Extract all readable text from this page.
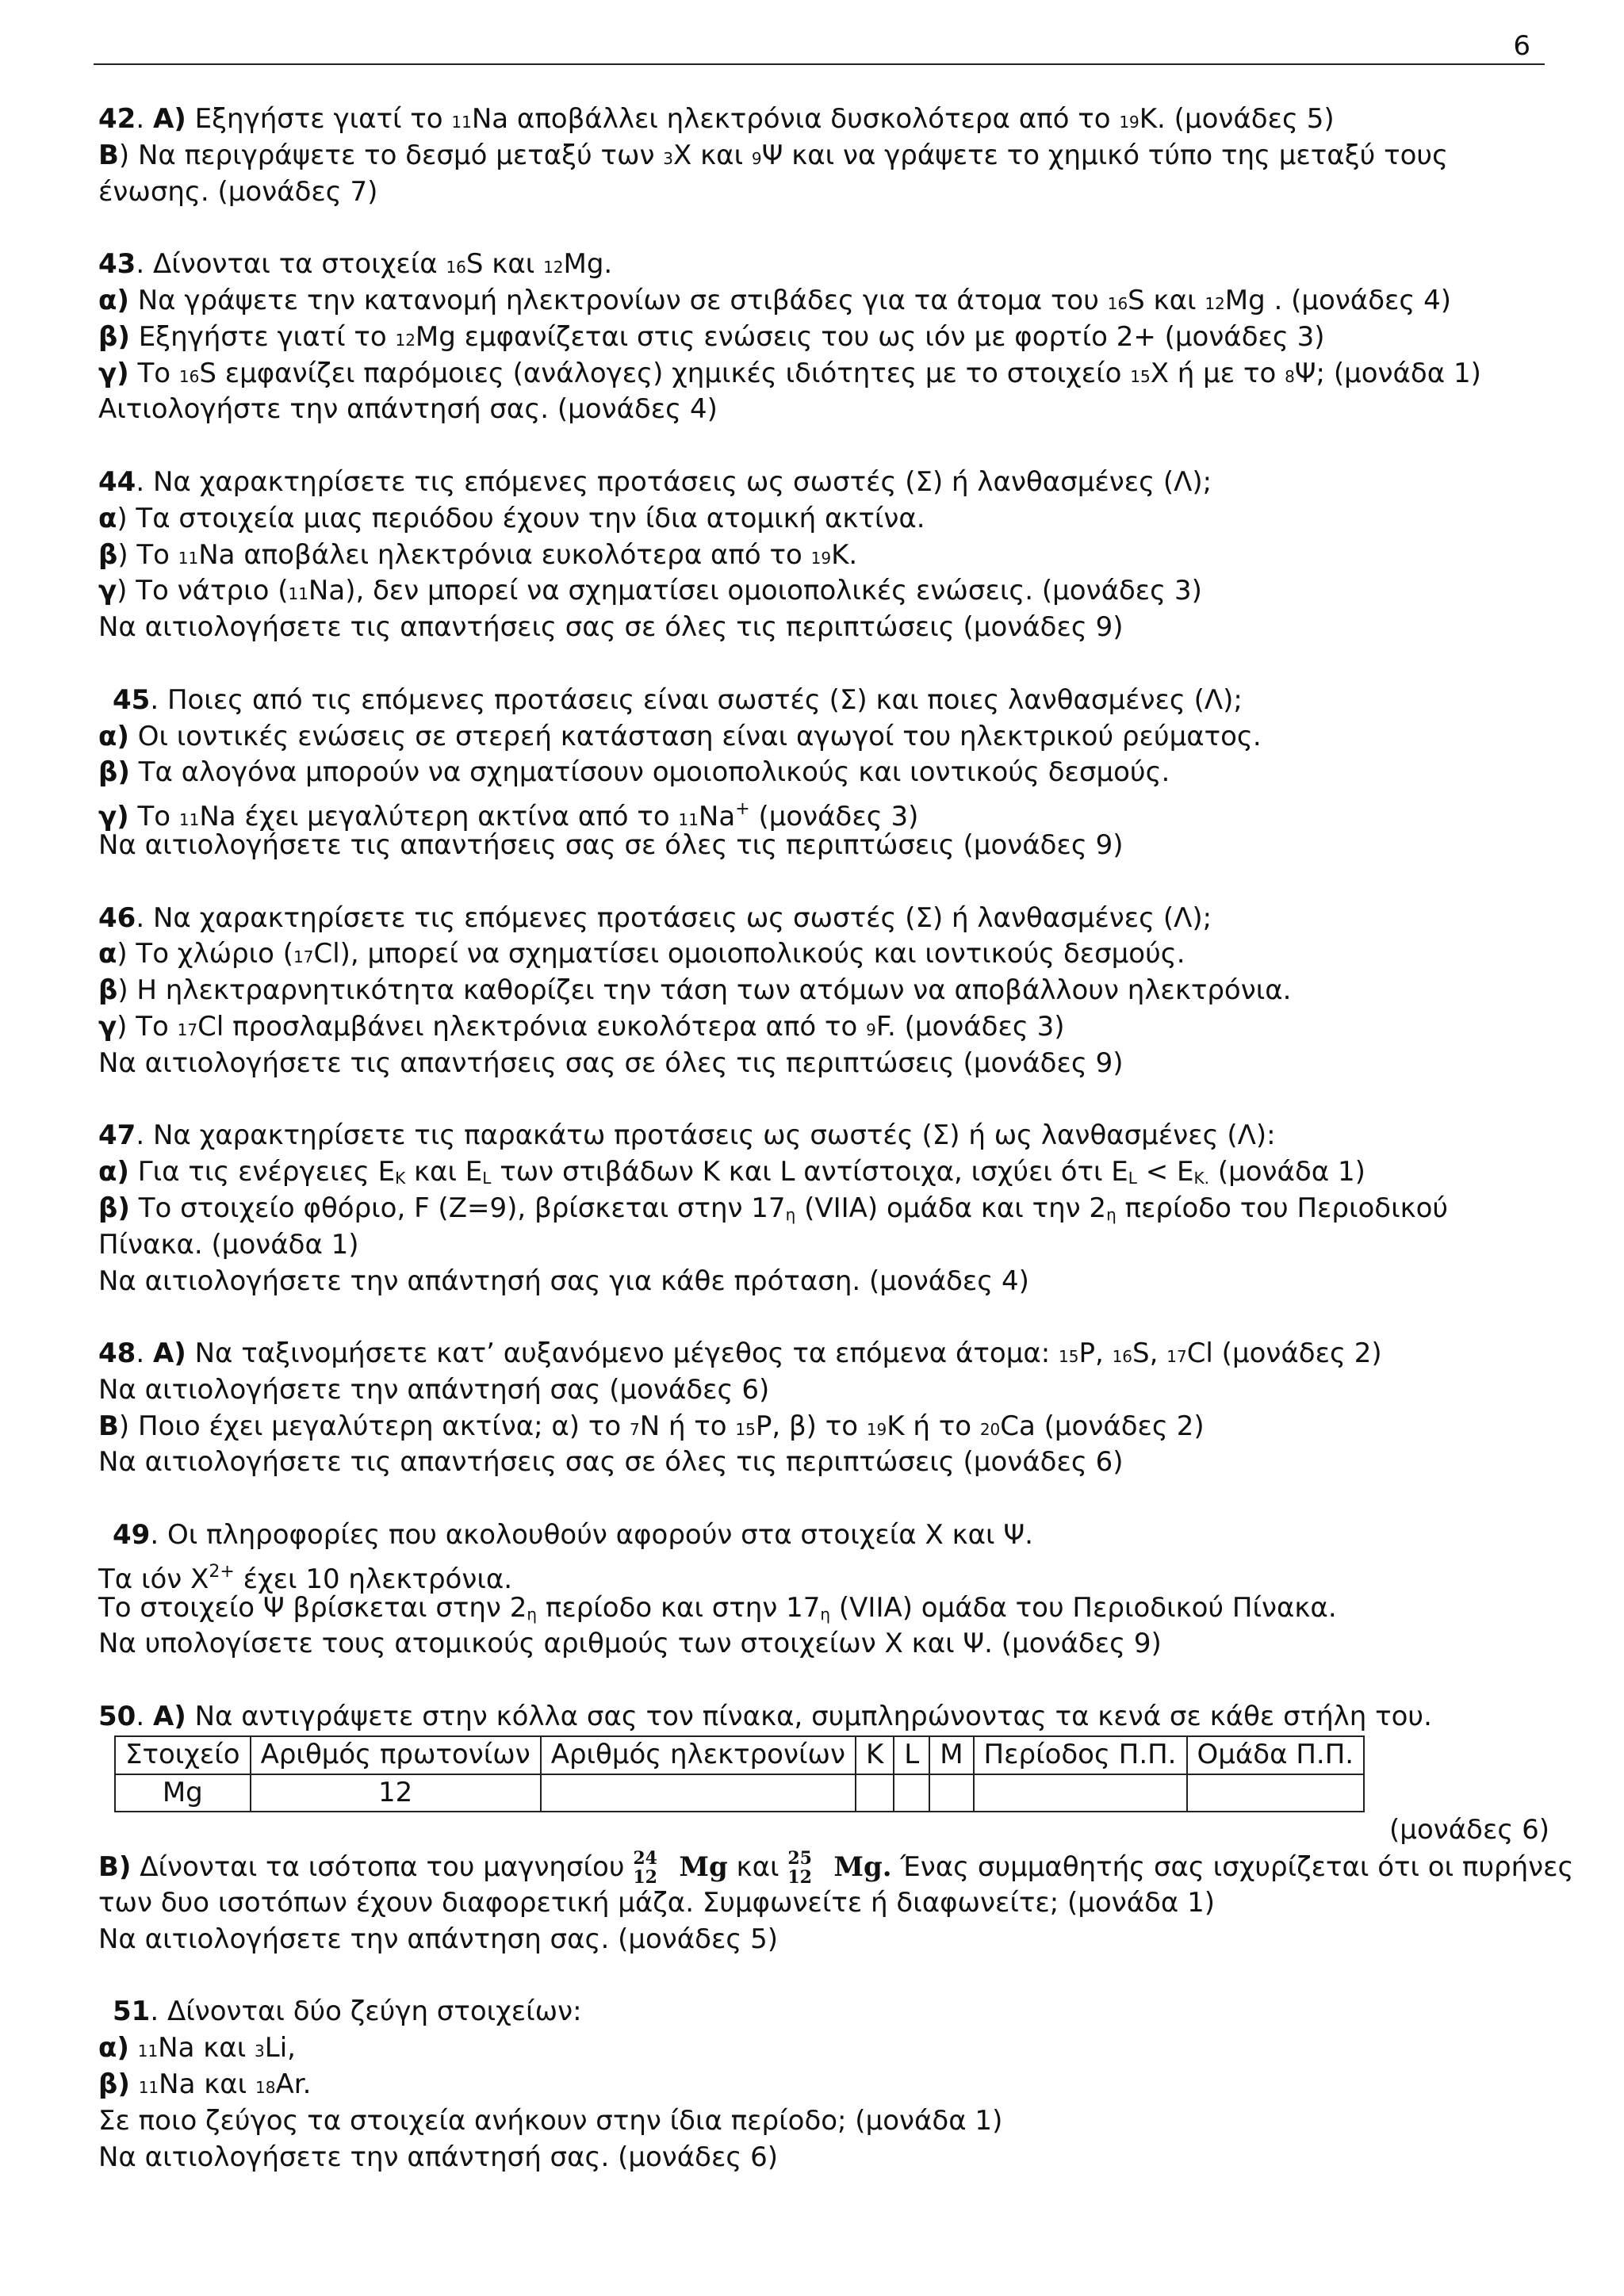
6
42. A) Εξηγήστε γιατί το 11Na αποβάλλει ηλεκτρόνια δυσκολότερα από το 19K. (μονάδες 5)
B) Να περιγράψετε το δεσμό μεταξύ των 3X και 9Ψ και να γράψετε το χημικό τύπο της μεταξύ τους
ένωσης. (μονάδες 7)
43. Δίνονται τα στοιχεία 16S και 12Mg.
α) Να γράψετε την κατανομή ηλεκτρονίων σε στιβάδες για τα άτομα του 16S και 12Mg . (μονάδες 4)
β) Εξηγήστε γιατί το 12Mg εμφανίζεται στις ενώσεις του ως ιόν με φορτίο 2+ (μονάδες 3)
γ) Το 16S εμφανίζει παρόμοιες (ανάλογες) χημικές ιδιότητες με το στοιχείο 15X ή με το 8Ψ; (μονάδα 1)
Αιτιολογήστε την απάντησή σας. (μονάδες 4)
44. Να χαρακτηρίσετε τις επόμενες προτάσεις ως σωστές (Σ) ή λανθασμένες (Λ);
α) Τα στοιχεία μιας περιόδου έχουν την ίδια ατομική ακτίνα.
β) Το 11Na αποβάλει ηλεκτρόνια ευκολότερα από το 19K.
γ) Το νάτριο (11Na), δεν μπορεί να σχηματίσει ομοιοπολικές ενώσεις. (μονάδες 3)
Να αιτιολογήσετε τις απαντήσεις σας σε όλες τις περιπτώσεις (μονάδες 9)
45. Ποιες από τις επόμενες προτάσεις είναι σωστές (Σ) και ποιες λανθασμένες (Λ);
α) Οι ιοντικές ενώσεις σε στερεή κατάσταση είναι αγωγοί του ηλεκτρικού ρεύματος.
β) Τα αλογόνα μπορούν να σχηματίσουν ομοιοπολικούς και ιοντικούς δεσμούς.
γ) Το 11Na έχει μεγαλύτερη ακτίνα από το 11Na+ (μονάδες 3)
Να αιτιολογήσετε τις απαντήσεις σας σε όλες τις περιπτώσεις (μονάδες 9)
46. Να χαρακτηρίσετε τις επόμενες προτάσεις ως σωστές (Σ) ή λανθασμένες (Λ);
α) Το χλώριο (17Cl), μπορεί να σχηματίσει ομοιοπολικούς και ιοντικούς δεσμούς.
β) Η ηλεκτραρνητικότητα καθορίζει την τάση των ατόμων να αποβάλλουν ηλεκτρόνια.
γ) Το 17Cl προσλαμβάνει ηλεκτρόνια ευκολότερα από το 9F. (μονάδες 3)
Να αιτιολογήσετε τις απαντήσεις σας σε όλες τις περιπτώσεις (μονάδες 9)
47. Να χαρακτηρίσετε τις παρακάτω προτάσεις ως σωστές (Σ) ή ως λανθασμένες (Λ):
α) Για τις ενέργειες EK και EL των στιβάδων K και L αντίστοιχα, ισχύει ότι EL < EK. (μονάδα 1)
β) Το στοιχείο φθόριο, F (Z=9), βρίσκεται στην 17η (VIIA) ομάδα και την 2η περίοδο του Περιοδικού
Πίνακα. (μονάδα 1)
Να αιτιολογήσετε την απάντησή σας για κάθε πρόταση. (μονάδες 4)
48. A) Να ταξινομήσετε κατ’ αυξανόμενο μέγεθος τα επόμενα άτομα: 15P, 16S, 17Cl (μονάδες 2)
Να αιτιολογήσετε την απάντησή σας (μονάδες 6)
B) Ποιο έχει μεγαλύτερη ακτίνα; α) το 7N ή το 15P, β) το 19K ή το 20Ca (μονάδες 2)
Να αιτιολογήσετε τις απαντήσεις σας σε όλες τις περιπτώσεις (μονάδες 6)
49. Οι πληροφορίες που ακολουθούν αφορούν στα στοιχεία X και Ψ.
Τα ιόν $X^{2+}$ έχει 10 ηλεκτρόνια.
Το στοιχείο Ψ βρίσκεται στην 2η περίοδο και στην 17η (VIIA) ομάδα του Περιοδικού Πίνακα.
Να υπολογίσετε τους ατομικούς αριθμούς των στοιχείων X και Ψ. (μονάδες 9)
50. A) Να αντιγράψετε στην κόλλα σας τον πίνακα, συμπληρώνοντας τα κενά σε κάθε στήλη του.
Στοιχείο	Αριθμός πρωτονίων	Αριθμός ηλεκτρονίων	K	L	M	Περίοδος Π.Π.	Ομάδα Π.Π.
Mg	12						
(μονάδες 6)
B) Δίνονται τα ισότοπα του μαγνησίου 24
12 Mg και 25
12 Mg. Ένας συμμαθητής σας ισχυρίζεται ότι οι πυρήνες
των δυο ισοτόπων έχουν διαφορετική μάζα. Συμφωνείτε ή διαφωνείτε; (μονάδα 1)
Να αιτιολογήσετε την απάντηση σας. (μονάδες 5)
51. Δίνονται δύο ζεύγη στοιχείων:
α) 11Na και 3Li,
β) 11Na και 18Ar.
Σε ποιο ζεύγος τα στοιχεία ανήκουν στην ίδια περίοδο; (μονάδα 1)
Να αιτιολογήσετε την απάντησή σας. (μονάδες 6)
